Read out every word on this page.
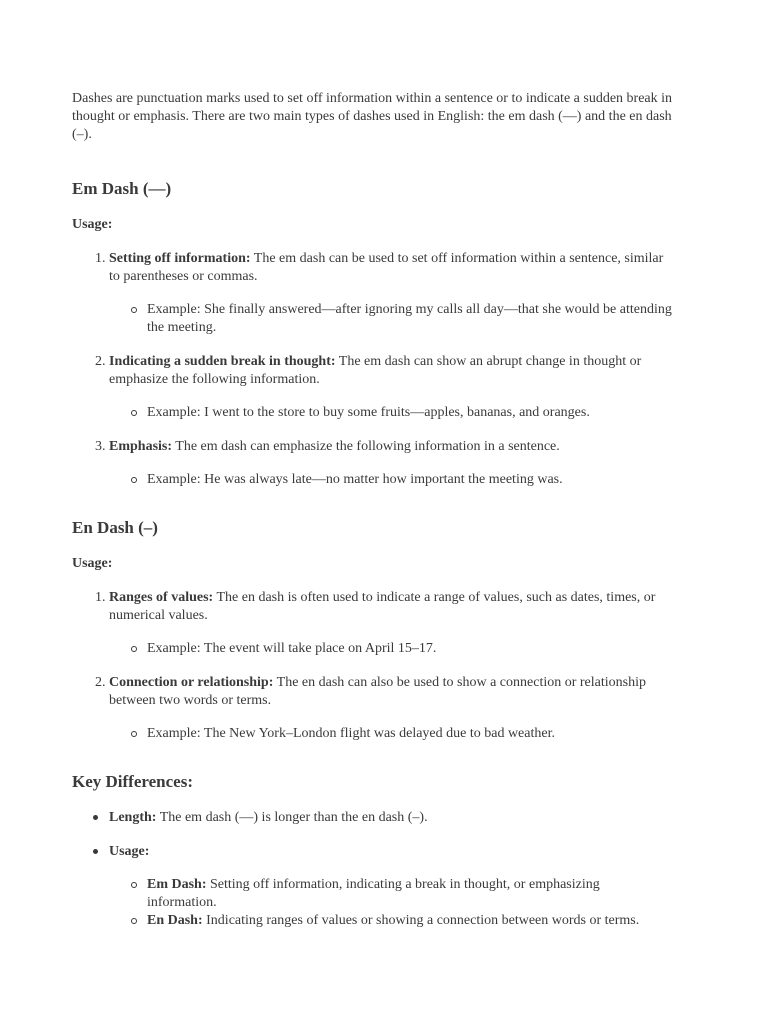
Dashes are punctuation marks used to set off information within a sentence or to indicate a sudden break in thought or emphasis. There are two main types of dashes used in English: the em dash (—) and the en dash (–).

Em Dash (—)

Usage:

1. Setting off information: The em dash can be used to set off information within a sentence, similar to parentheses or commas.
Example: She finally answered—after ignoring my calls all day—that she would be attending the meeting.
2. Indicating a sudden break in thought: The em dash can show an abrupt change in thought or emphasize the following information.
Example: I went to the store to buy some fruits—apples, bananas, and oranges.
3. Emphasis: The em dash can emphasize the following information in a sentence.
Example: He was always late—no matter how important the meeting was.
En Dash (–)

Usage:

1. Ranges of values: The en dash is often used to indicate a range of values, such as dates, times, or numerical values.
Example: The event will take place on April 15–17.
2. Connection or relationship: The en dash can also be used to show a connection or relationship between two words or terms.
Example: The New York–London flight was delayed due to bad weather.
Key Differences:
Length: The em dash (—) is longer than the en dash (–).
Usage:
Em Dash: Setting off information, indicating a break in thought, or emphasizing information.
En Dash: Indicating ranges of values or showing a connection between words or terms.
